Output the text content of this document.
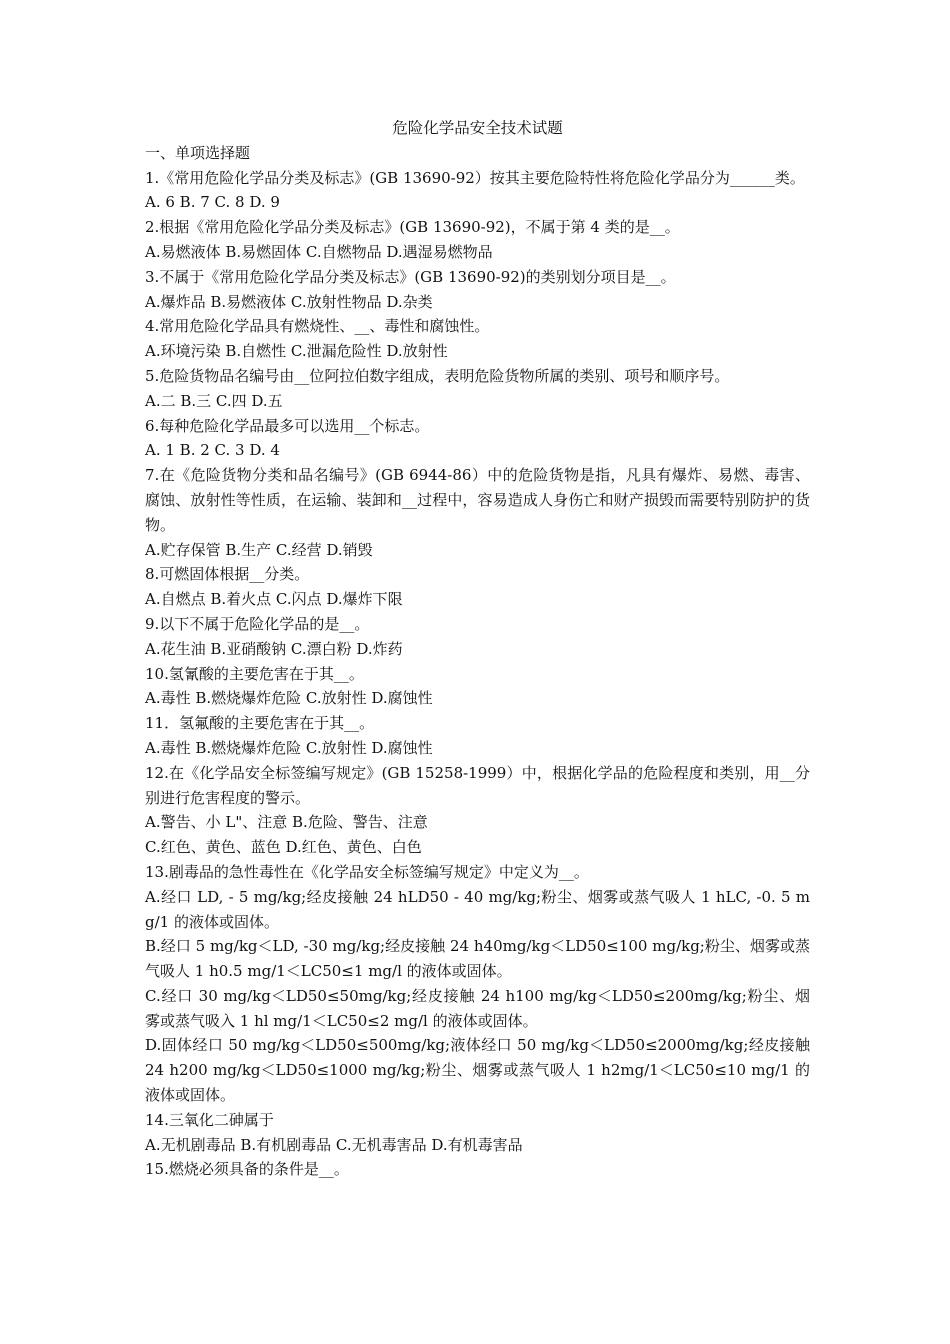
危险化学品安全技术试题

一、单项选择题

1.《常用危险化学品分类及标志》(GB 13690-92）按其主要危险特性将危险化学品分为______类。

A. 6 B. 7 C. 8 D. 9

2.根据《常用危险化学品分类及标志》(GB 13690-92)，不属于第 4 类的是__。

A.易燃液体 B.易燃固体 C.自燃物品 D.遇湿易燃物品

3.不属于《常用危险化学品分类及标志》(GB 13690-92)的类别划分项目是__。

A.爆炸品 B.易燃液体 C.放射性物品 D.杂类

4.常用危险化学品具有燃烧性、__、毒性和腐蚀性。

A.环境污染 B.自燃性 C.泄漏危险性 D.放射性

5.危险货物品名编号由__位阿拉伯数字组成，表明危险货物所属的类别、项号和顺序号。

A.二 B.三 C.四 D.五

6.每种危险化学品最多可以选用__个标志。

A. 1 B. 2 C. 3 D. 4

7.在《危险货物分类和品名编号》(GB 6944-86）中的危险货物是指，凡具有爆炸、易燃、毒害、腐蚀、放射性等性质，在运输、装卸和__过程中，容易造成人身伤亡和财产损毁而需要特别防护的货物。

A.贮存保管 B.生产 C.经营 D.销毁

8.可燃固体根据__分类。

A.自燃点 B.着火点 C.闪点 D.爆炸下限

9.以下不属于危险化学品的是__。

A.花生油 B.亚硝酸钠 C.漂白粉 D.炸药

10.氢氰酸的主要危害在于其__。

A.毒性 B.燃烧爆炸危险 C.放射性 D.腐蚀性

11．氢氟酸的主要危害在于其__。

A.毒性 B.燃烧爆炸危险 C.放射性 D.腐蚀性

12.在《化学品安全标签编写规定》(GB 15258-1999）中，根据化学品的危险程度和类别，用__分别进行危害程度的警示。

A.警告、小 L"、注意 B.危险、警告、注意

C.红色、黄色、蓝色 D.红色、黄色、白色

13.剧毒品的急性毒性在《化学品安全标签编写规定》中定义为__。

A.经口 LD, - 5 mg/kg;经皮接触 24 hLD50 - 40 mg/kg;粉尘、烟雾或蒸气吸人 1 hLC, -0. 5 mg/1 的液体或固体。

B.经口 5 mg/kg＜LD, -30 mg/kg;经皮接触 24 h40mg/kg＜LD50≤100 mg/kg;粉尘、烟雾或蒸气吸人 1 h0.5 mg/1＜LC50≤1 mg/l 的液体或固体。

C.经口 30 mg/kg＜LD50≤50mg/kg;经皮接触 24 h100 mg/kg＜LD50≤200mg/kg;粉尘、烟雾或蒸气吸入 1 hl mg/1＜LC50≤2 mg/l 的液体或固体。

D.固体经口 50 mg/kg＜LD50≤500mg/kg;液体经口 50 mg/kg＜LD50≤2000mg/kg;经皮接触 24 h200 mg/kg＜LD50≤1000 mg/kg;粉尘、烟雾或蒸气吸人 1 h2mg/1＜LC50≤10 mg/1 的液体或固体。

14.三氧化二砷属于

A.无机剧毒品 B.有机剧毒品 C.无机毒害品 D.有机毒害品

15.燃烧必须具备的条件是__。
